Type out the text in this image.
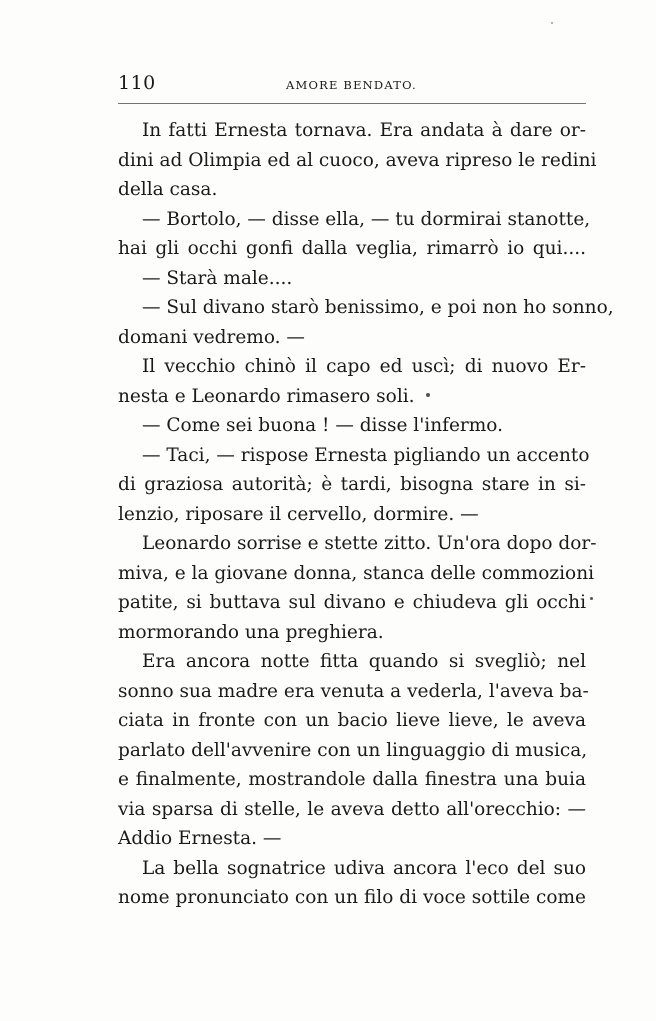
110	AMORE BENDATO.
In fatti Ernesta tornava. Era andata à dare or-
dini ad Olimpia ed al cuoco, aveva ripreso le redini
della casa.
— Bortolo, — disse ella, — tu dormirai stanotte,
hai gli occhi gonfi dalla veglia, rimarrò io qui....
— Starà male....
— Sul divano starò benissimo, e poi non ho sonno,
domani vedremo. —
Il vecchio chinò il capo ed uscì; di nuovo Er-
nesta e Leonardo rimasero soli.
— Come sei buona ! — disse l'infermo.
— Taci, — rispose Ernesta pigliando un accento
di graziosa autorità; è tardi, bisogna stare in si-
lenzio, riposare il cervello, dormire. —
Leonardo sorrise e stette zitto. Un'ora dopo dor-
miva, e la giovane donna, stanca delle commozioni
patite, si buttava sul divano e chiudeva gli occhi
mormorando una preghiera.
Era ancora notte fitta quando si svegliò; nel
sonno sua madre era venuta a vederla, l'aveva ba-
ciata in fronte con un bacio lieve lieve, le aveva
parlato dell'avvenire con un linguaggio di musica,
e finalmente, mostrandole dalla finestra una buia
via sparsa di stelle, le aveva detto all'orecchio: —
Addio Ernesta. —
La bella sognatrice udiva ancora l'eco del suo
nome pronunciato con un filo di voce sottile come
